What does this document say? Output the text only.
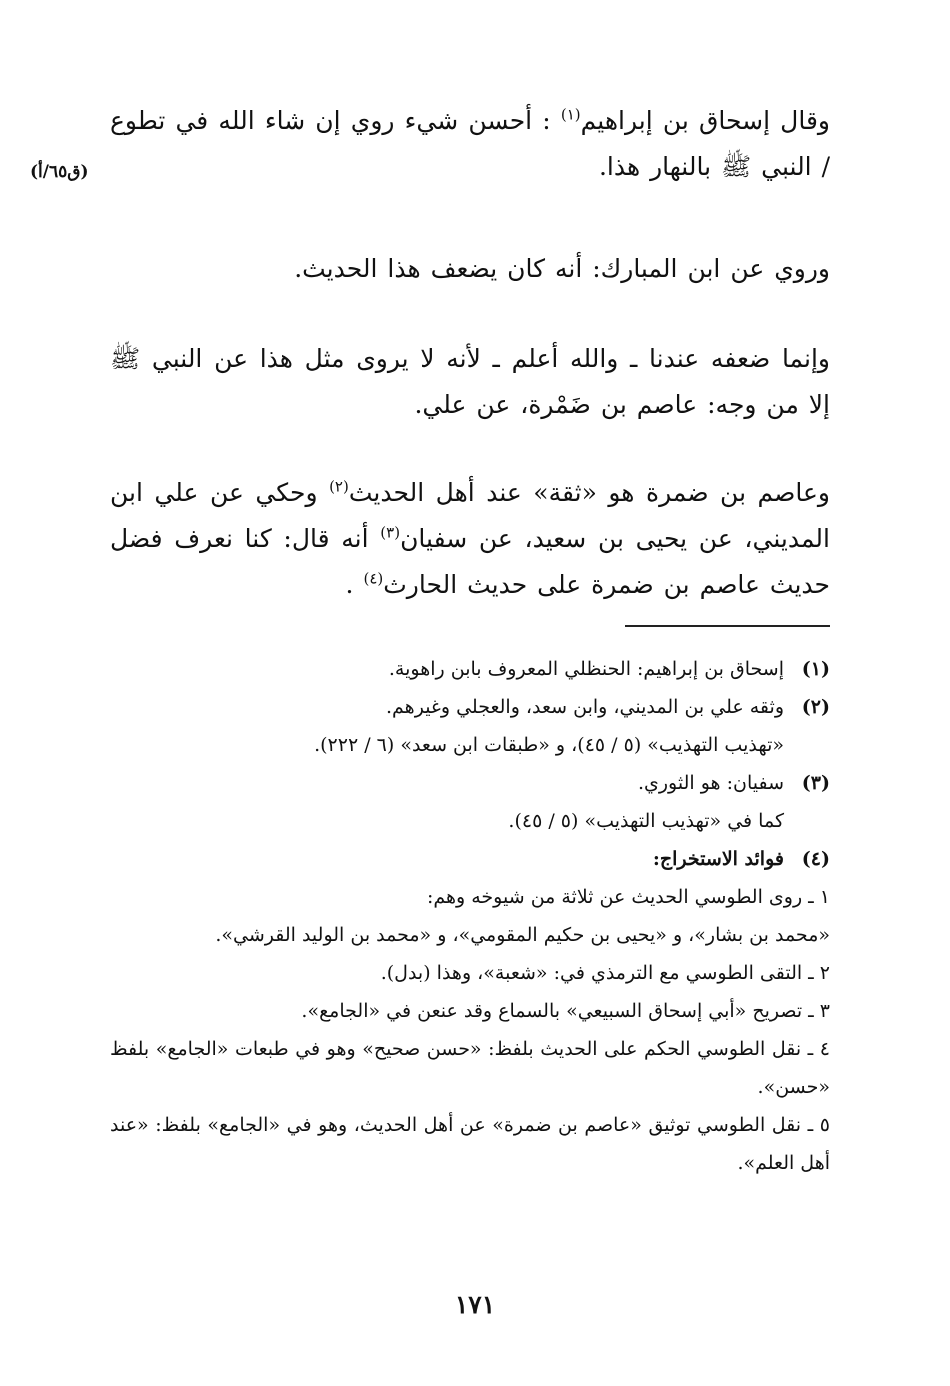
(ق٦٥/أ)

وقال إسحاق بن إبراهيم$^{(١)}$ : أحسن شيء روي إن شاء الله في تطوع / النبي ﷺ بالنهار هذا.

وروي عن ابن المبارك: أنه كان يضعف هذا الحديث.

وإنما ضعفه عندنا ـ والله أعلم ـ لأنه لا يروى مثل هذا عن النبي ﷺ إلا من وجه: عاصم بن ضَمْرة، عن علي.

وعاصم بن ضمرة هو «ثقة» عند أهل الحديث$^{(٢)}$ وحكي عن علي ابن المديني، عن يحيى بن سعيد، عن سفيان$^{(٣)}$ أنه قال: كنا نعرف فضل حديث عاصم بن ضمرة على حديث الحارث$^{(٤)}$ .

(١)
إسحاق بن إبراهيم: الحنظلي المعروف بابن راهوية.
(٢)
وثقه علي بن المديني، وابن سعد، والعجلي وغيرهم.
«تهذيب التهذيب» (٥ / ٤٥)، و «طبقات ابن سعد» (٦ / ٢٢٢).
(٣)
سفيان: هو الثوري.
كما في «تهذيب التهذيب» (٥ / ٤٥).
(٤)
فوائد الاستخراج:
١ ـ روى الطوسي الحديث عن ثلاثة من شيوخه وهم:
«محمد بن بشار»، و «يحيى بن حكيم المقومي»، و «محمد بن الوليد القرشي».
٢ ـ التقى الطوسي مع الترمذي في: «شعبة»، وهذا (بدل).
٣ ـ تصريح «أبي إسحاق السبيعي» بالسماع وقد عنعن في «الجامع».
٤ ـ نقل الطوسي الحكم على الحديث بلفظ: «حسن صحيح» وهو في طبعات «الجامع» بلفظ «حسن».
٥ ـ نقل الطوسي توثيق «عاصم بن ضمرة» عن أهل الحديث، وهو في «الجامع» بلفظ: «عند أهل العلم».
١٧١
